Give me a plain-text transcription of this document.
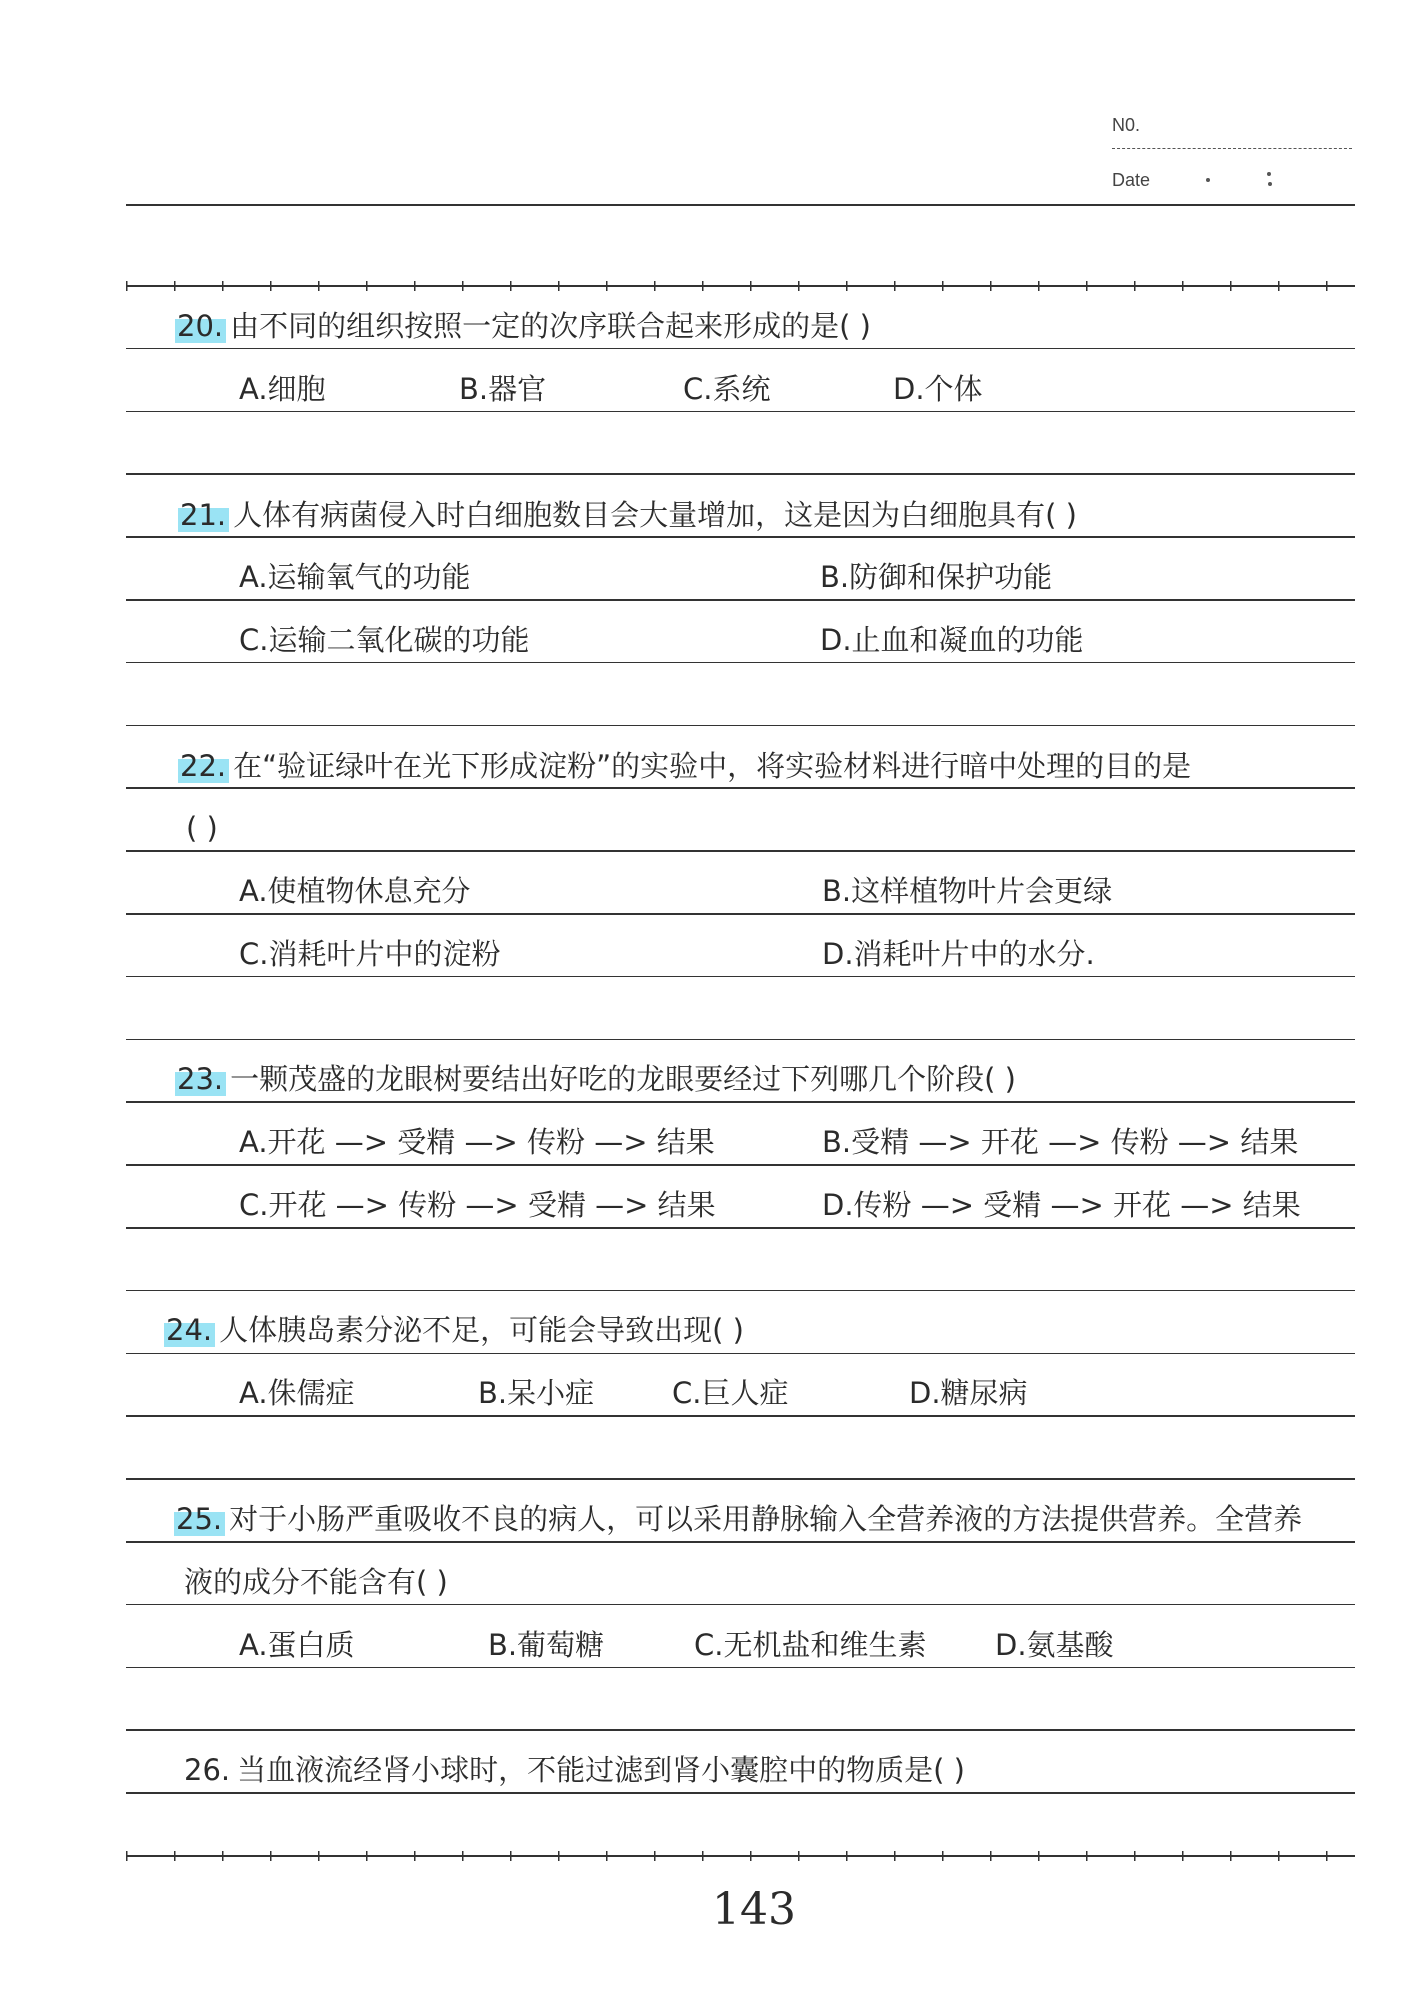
N0.
Date
20. 由不同的组织按照一定的次序联合起来形成的是( )
A.细胞	B.器官	C.系统	D.个体
21. 人体有病菌侵入时白细胞数目会大量增加，这是因为白细胞具有( )
A.运输氧气的功能	B.防御和保护功能
C.运输二氧化碳的功能	D.止血和凝血的功能
22. 在“验证绿叶在光下形成淀粉”的实验中，将实验材料进行暗中处理的目的是
( )
A.使植物休息充分	B.这样植物叶片会更绿
C.消耗叶片中的淀粉	D.消耗叶片中的水分.
23. 一颗茂盛的龙眼树要结出好吃的龙眼要经过下列哪几个阶段( )
A.开花 —> 受精 —> 传粉 —> 结果	B.受精 —> 开花 —> 传粉 —> 结果
C.开花 —> 传粉 —> 受精 —> 结果	D.传粉 —> 受精 —> 开花 —> 结果
24. 人体胰岛素分泌不足，可能会导致出现( )
A.侏儒症	B.呆小症	C.巨人症	D.糖尿病
25. 对于小肠严重吸收不良的病人，可以采用静脉输入全营养液的方法提供营养。全营养
液的成分不能含有( )
A.蛋白质	B.葡萄糖	C.无机盐和维生素 D.氨基酸
26. 当血液流经肾小球时，不能过滤到肾小囊腔中的物质是( )
143
